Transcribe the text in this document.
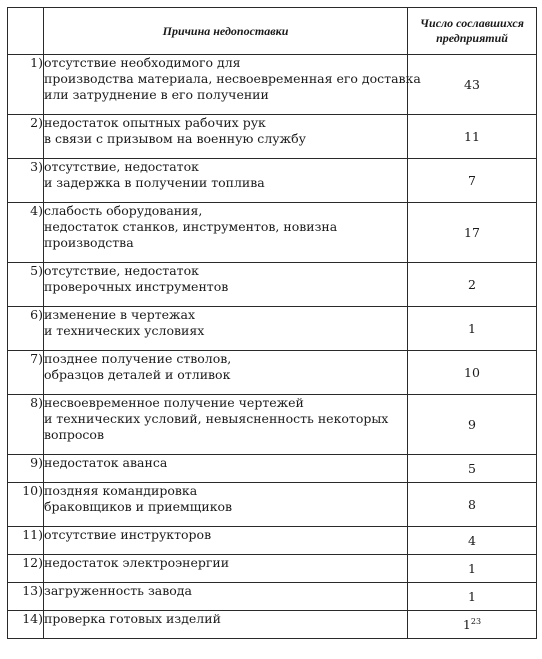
	Причина недопоставки	Число сославшихся предприятий
1)	отсутствие необходимого для
производства материала, несвоевременная его доставка
или затруднение в его получении	43
2)	недостаток опытных рабочих рук
в связи с призывом на военную службу	11
3)	отсутствие, недостаток
и задержка в получении топлива	7
4)	слабость оборудования,
недостаток станков, инструментов, новизна
производства	17
5)	отсутствие, недостаток
проверочных инструментов	2
6)	изменение в чертежах
и технических условиях	1
7)	позднее получение стволов,
образцов деталей и отливок	10
8)	несвоевременное получение чертежей
и технических условий, невыясненность некоторых
вопросов	9
9)	недостаток аванса	5
10)	поздняя командировка
браковщиков и приемщиков	8
11)	отсутствие инструкторов	4
12)	недостаток электроэнергии	1
13)	загруженность завода	1
14)	проверка готовых изделий	$1^{23}$
